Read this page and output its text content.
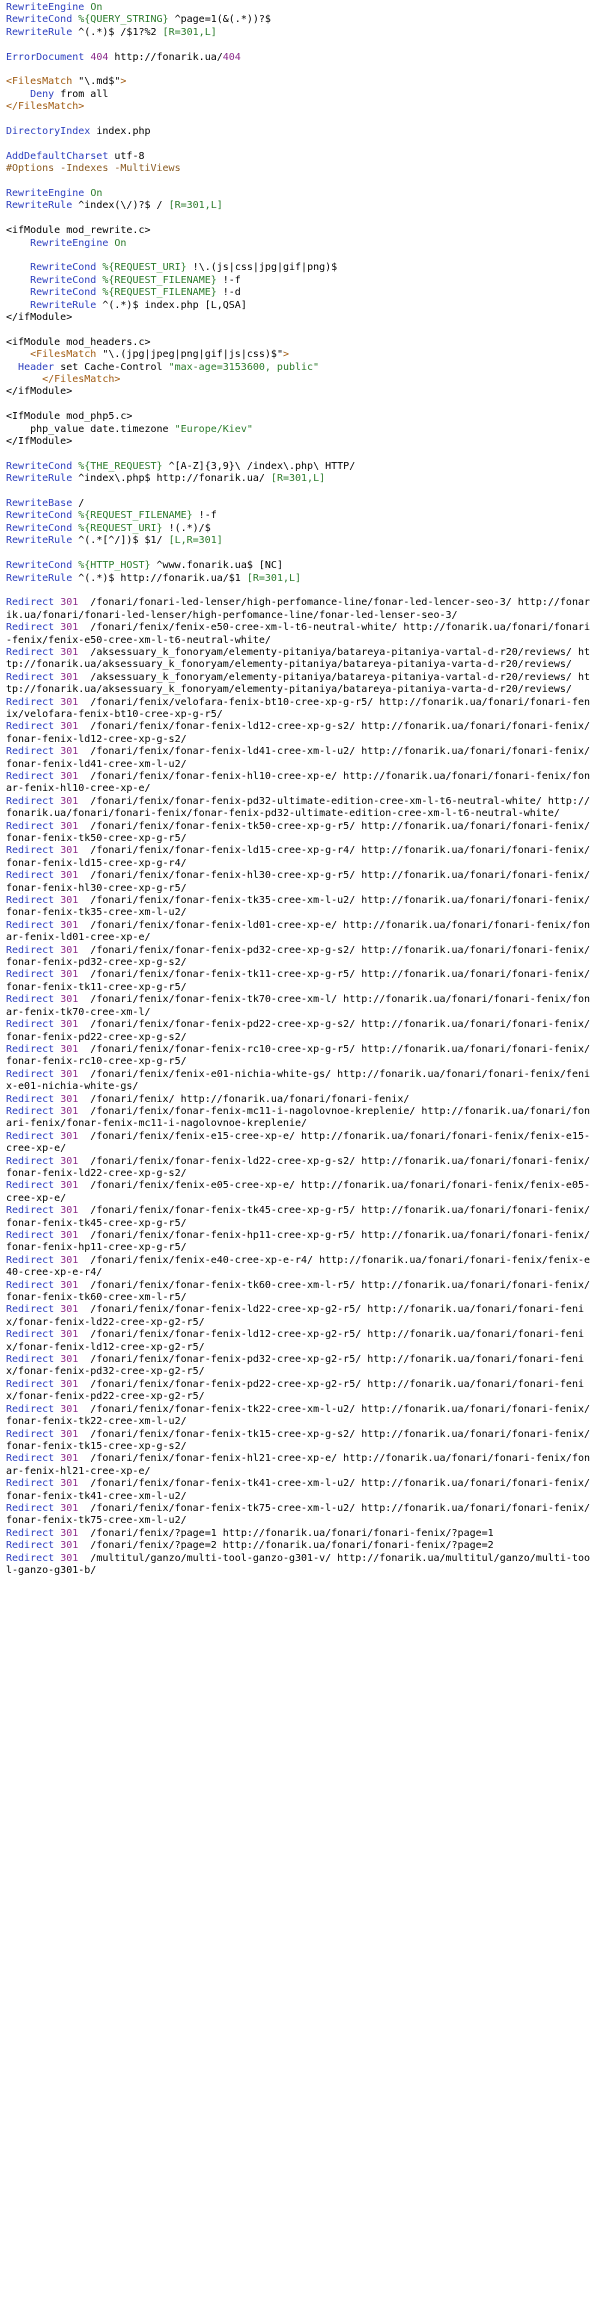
RewriteEngine On
RewriteCond %{QUERY_STRING} ^page=1(&(.*))?$
RewriteRule ^(.*)$ /$1?%2 [R=301,L]
ErrorDocument 404 http://fonarik.ua/404
<FilesMatch "\.md$">
Deny from all
</FilesMatch>
DirectoryIndex index.php
AddDefaultCharset utf-8
#Options -Indexes -MultiViews
RewriteEngine On
RewriteRule ^index(\/)?$ / [R=301,L]
<ifModule mod_rewrite.c>
RewriteEngine On
RewriteCond %{REQUEST_URI} !\.(js|css|jpg|gif|png)$
RewriteCond %{REQUEST_FILENAME} !-f
RewriteCond %{REQUEST_FILENAME} !-d
RewriteRule ^(.*)$ index.php [L,QSA]
</ifModule>
<ifModule mod_headers.c>
<FilesMatch "\.(jpg|jpeg|png|gif|js|css)$">
Header set Cache-Control "max-age=3153600, public"
</FilesMatch>
</ifModule>
<IfModule mod_php5.c>
php_value date.timezone "Europe/Kiev"
</IfModule>
RewriteCond %{THE_REQUEST} ^[A-Z]{3,9}\ /index\.php\ HTTP/
RewriteRule ^index\.php$ http://fonarik.ua/ [R=301,L]
RewriteBase /
RewriteCond %{REQUEST_FILENAME} !-f
RewriteCond %{REQUEST_URI} !(.*)/$
RewriteRule ^(.*[^/])$ $1/ [L,R=301]
RewriteCond %{HTTP_HOST} ^www.fonarik.ua$ [NC]
RewriteRule ^(.*)$ http://fonarik.ua/$1 [R=301,L]
Redirect 301  /fonari/fonari-led-lenser/high-perfomance-line/fonar-led-lencer-seo-3/ http://fonarik.ua/fonari/fonari-led-lenser/high-perfomance-line/fonar-led-lenser-seo-3/
Redirect 301  /fonari/fenix/fenix-e50-cree-xm-l-t6-neutral-white/ http://fonarik.ua/fonari/fonari-fenix/fenix-e50-cree-xm-l-t6-neutral-white/
Redirect 301  /aksessuary_k_fonoryam/elementy-pitaniya/batareya-pitaniya-vartal-d-r20/reviews/ http://fonarik.ua/aksessuary_k_fonoryam/elementy-pitaniya/batareya-pitaniya-varta-d-r20/reviews/
Redirect 301  /aksessuary_k_fonoryam/elementy-pitaniya/batareya-pitaniya-vartal-d-r20/reviews/ http://fonarik.ua/aksessuary_k_fonoryam/elementy-pitaniya/batareya-pitaniya-varta-d-r20/reviews/
Redirect 301  /fonari/fenix/velofara-fenix-bt10-cree-xp-g-r5/ http://fonarik.ua/fonari/fonari-fenix/velofara-fenix-bt10-cree-xp-g-r5/
Redirect 301  /fonari/fenix/fonar-fenix-ld12-cree-xp-g-s2/ http://fonarik.ua/fonari/fonari-fenix/fonar-fenix-ld12-cree-xp-g-s2/
Redirect 301  /fonari/fenix/fonar-fenix-ld41-cree-xm-l-u2/ http://fonarik.ua/fonari/fonari-fenix/fonar-fenix-ld41-cree-xm-l-u2/
Redirect 301  /fonari/fenix/fonar-fenix-hl10-cree-xp-e/ http://fonarik.ua/fonari/fonari-fenix/fonar-fenix-hl10-cree-xp-e/
Redirect 301  /fonari/fenix/fonar-fenix-pd32-ultimate-edition-cree-xm-l-t6-neutral-white/ http://fonarik.ua/fonari/fonari-fenix/fonar-fenix-pd32-ultimate-edition-cree-xm-l-t6-neutral-white/
Redirect 301  /fonari/fenix/fonar-fenix-tk50-cree-xp-g-r5/ http://fonarik.ua/fonari/fonari-fenix/fonar-fenix-tk50-cree-xp-g-r5/
Redirect 301  /fonari/fenix/fonar-fenix-ld15-cree-xp-g-r4/ http://fonarik.ua/fonari/fonari-fenix/fonar-fenix-ld15-cree-xp-g-r4/
Redirect 301  /fonari/fenix/fonar-fenix-hl30-cree-xp-g-r5/ http://fonarik.ua/fonari/fonari-fenix/fonar-fenix-hl30-cree-xp-g-r5/
Redirect 301  /fonari/fenix/fonar-fenix-tk35-cree-xm-l-u2/ http://fonarik.ua/fonari/fonari-fenix/fonar-fenix-tk35-cree-xm-l-u2/
Redirect 301  /fonari/fenix/fonar-fenix-ld01-cree-xp-e/ http://fonarik.ua/fonari/fonari-fenix/fonar-fenix-ld01-cree-xp-e/
Redirect 301  /fonari/fenix/fonar-fenix-pd32-cree-xp-g-s2/ http://fonarik.ua/fonari/fonari-fenix/fonar-fenix-pd32-cree-xp-g-s2/
Redirect 301  /fonari/fenix/fonar-fenix-tk11-cree-xp-g-r5/ http://fonarik.ua/fonari/fonari-fenix/fonar-fenix-tk11-cree-xp-g-r5/
Redirect 301  /fonari/fenix/fonar-fenix-tk70-cree-xm-l/ http://fonarik.ua/fonari/fonari-fenix/fonar-fenix-tk70-cree-xm-l/
Redirect 301  /fonari/fenix/fonar-fenix-pd22-cree-xp-g-s2/ http://fonarik.ua/fonari/fonari-fenix/fonar-fenix-pd22-cree-xp-g-s2/
Redirect 301  /fonari/fenix/fonar-fenix-rc10-cree-xp-g-r5/ http://fonarik.ua/fonari/fonari-fenix/fonar-fenix-rc10-cree-xp-g-r5/
Redirect 301  /fonari/fenix/fenix-e01-nichia-white-gs/ http://fonarik.ua/fonari/fonari-fenix/fenix-e01-nichia-white-gs/
Redirect 301  /fonari/fenix/ http://fonarik.ua/fonari/fonari-fenix/
Redirect 301  /fonari/fenix/fonar-fenix-mc11-i-nagolovnoe-kreplenie/ http://fonarik.ua/fonari/fonari-fenix/fonar-fenix-mc11-i-nagolovnoe-kreplenie/
Redirect 301  /fonari/fenix/fenix-e15-cree-xp-e/ http://fonarik.ua/fonari/fonari-fenix/fenix-e15-cree-xp-e/
Redirect 301  /fonari/fenix/fonar-fenix-ld22-cree-xp-g-s2/ http://fonarik.ua/fonari/fonari-fenix/fonar-fenix-ld22-cree-xp-g-s2/
Redirect 301  /fonari/fenix/fenix-e05-cree-xp-e/ http://fonarik.ua/fonari/fonari-fenix/fenix-e05-cree-xp-e/
Redirect 301  /fonari/fenix/fonar-fenix-tk45-cree-xp-g-r5/ http://fonarik.ua/fonari/fonari-fenix/fonar-fenix-tk45-cree-xp-g-r5/
Redirect 301  /fonari/fenix/fonar-fenix-hp11-cree-xp-g-r5/ http://fonarik.ua/fonari/fonari-fenix/fonar-fenix-hp11-cree-xp-g-r5/
Redirect 301  /fonari/fenix/fenix-e40-cree-xp-e-r4/ http://fonarik.ua/fonari/fonari-fenix/fenix-e40-cree-xp-e-r4/
Redirect 301  /fonari/fenix/fonar-fenix-tk60-cree-xm-l-r5/ http://fonarik.ua/fonari/fonari-fenix/fonar-fenix-tk60-cree-xm-l-r5/
Redirect 301  /fonari/fenix/fonar-fenix-ld22-cree-xp-g2-r5/ http://fonarik.ua/fonari/fonari-fenix/fonar-fenix-ld22-cree-xp-g2-r5/
Redirect 301  /fonari/fenix/fonar-fenix-ld12-cree-xp-g2-r5/ http://fonarik.ua/fonari/fonari-fenix/fonar-fenix-ld12-cree-xp-g2-r5/
Redirect 301  /fonari/fenix/fonar-fenix-pd32-cree-xp-g2-r5/ http://fonarik.ua/fonari/fonari-fenix/fonar-fenix-pd32-cree-xp-g2-r5/
Redirect 301  /fonari/fenix/fonar-fenix-pd22-cree-xp-g2-r5/ http://fonarik.ua/fonari/fonari-fenix/fonar-fenix-pd22-cree-xp-g2-r5/
Redirect 301  /fonari/fenix/fonar-fenix-tk22-cree-xm-l-u2/ http://fonarik.ua/fonari/fonari-fenix/fonar-fenix-tk22-cree-xm-l-u2/
Redirect 301  /fonari/fenix/fonar-fenix-tk15-cree-xp-g-s2/ http://fonarik.ua/fonari/fonari-fenix/fonar-fenix-tk15-cree-xp-g-s2/
Redirect 301  /fonari/fenix/fonar-fenix-hl21-cree-xp-e/ http://fonarik.ua/fonari/fonari-fenix/fonar-fenix-hl21-cree-xp-e/
Redirect 301  /fonari/fenix/fonar-fenix-tk41-cree-xm-l-u2/ http://fonarik.ua/fonari/fonari-fenix/fonar-fenix-tk41-cree-xm-l-u2/
Redirect 301  /fonari/fenix/fonar-fenix-tk75-cree-xm-l-u2/ http://fonarik.ua/fonari/fonari-fenix/fonar-fenix-tk75-cree-xm-l-u2/
Redirect 301  /fonari/fenix/?page=1 http://fonarik.ua/fonari/fonari-fenix/?page=1
Redirect 301  /fonari/fenix/?page=2 http://fonarik.ua/fonari/fonari-fenix/?page=2
Redirect 301  /multitul/ganzo/multi-tool-ganzo-g301-v/ http://fonarik.ua/multitul/ganzo/multi-tool-ganzo-g301-b/
